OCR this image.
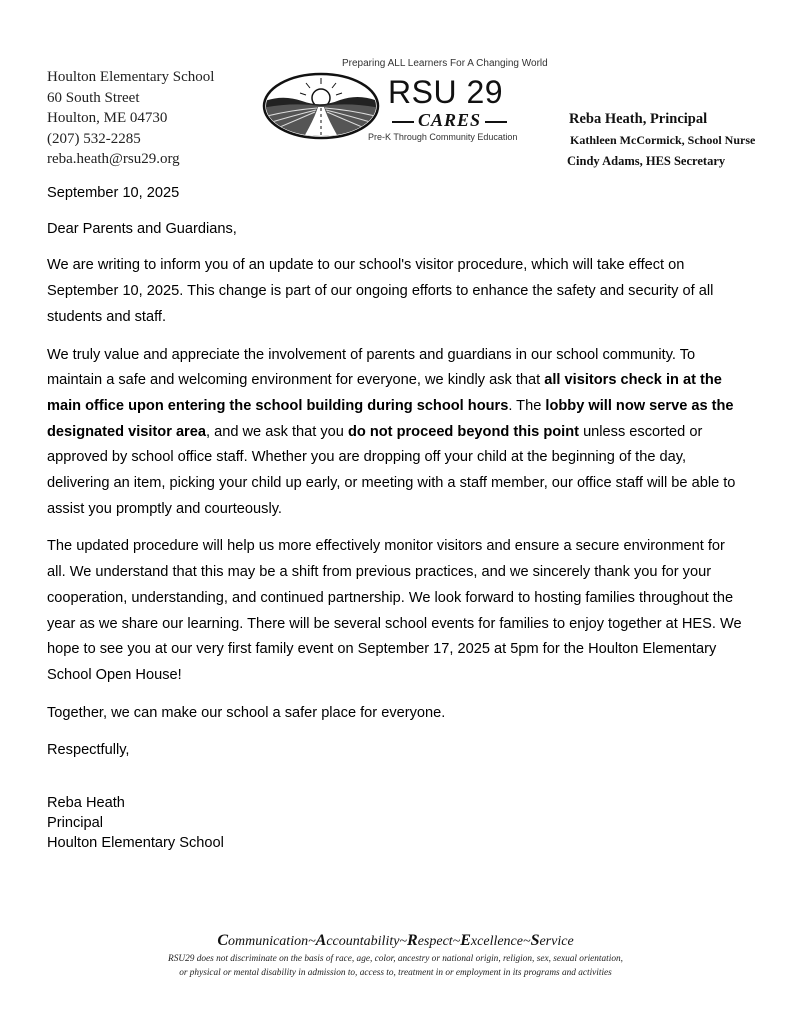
Houlton Elementary School
60 South Street
Houlton, ME 04730
(207) 532-2285
reba.heath@rsu29.org
Preparing ALL Learners For A Changing World
RSU 29
CARES
Pre-K Through Community Education
Reba Heath, Principal
Kathleen McCormick, School Nurse
Cindy Adams, HES Secretary

September 10, 2025

Dear Parents and Guardians,

We are writing to inform you of an update to our school's visitor procedure, which will take effect on September 10, 2025. This change is part of our ongoing efforts to enhance the safety and security of all students and staff.

We truly value and appreciate the involvement of parents and guardians in our school community. To maintain a safe and welcoming environment for everyone, we kindly ask that all visitors check in at the main office upon entering the school building during school hours. The lobby will now serve as the designated visitor area, and we ask that you do not proceed beyond this point unless escorted or approved by school office staff. Whether you are dropping off your child at the beginning of the day, delivering an item, picking your child up early, or meeting with a staff member, our office staff will be able to assist you promptly and courteously.

The updated procedure will help us more effectively monitor visitors and ensure a secure environment for all. We understand that this may be a shift from previous practices, and we sincerely thank you for your cooperation, understanding, and continued partnership. We look forward to hosting families throughout the year as we share our learning. There will be several school events for families to enjoy together at HES. We hope to see you at our very first family event on September 17, 2025 at 5pm for the Houlton Elementary School Open House!

Together, we can make our school a safer place for everyone.

Respectfully,

Reba Heath
Principal
Houlton Elementary School
Communication~Accountability~Respect~Excellence~Service
RSU29 does not discriminate on the basis of race, age, color, ancestry or national origin, religion, sex, sexual orientation,
or physical or mental disability in admission to, access to, treatment in or employment in its programs and activities
